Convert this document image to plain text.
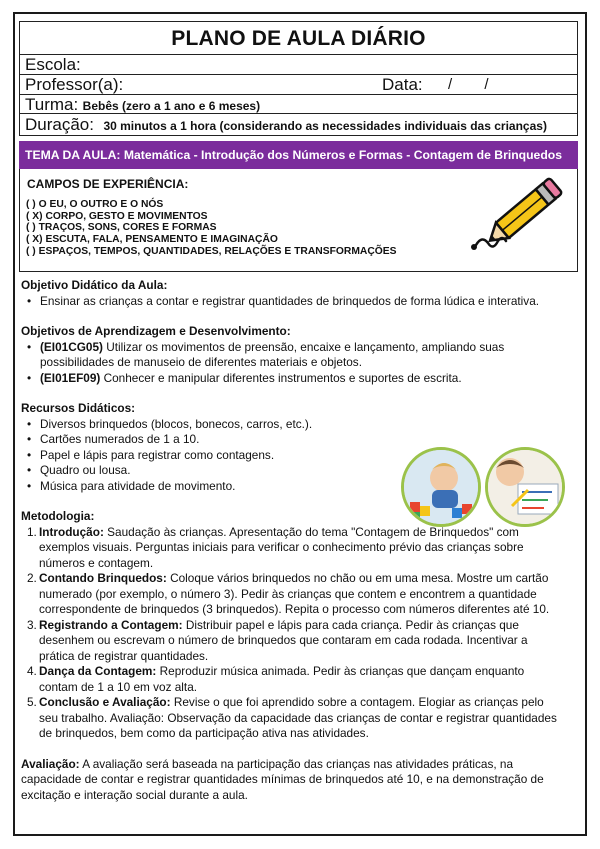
PLANO DE AULA DIÁRIO
Escola:
Professor(a):	Data: / /
Turma: Bebês (zero a 1 ano e 6 meses)
Duração: 30 minutos a 1 hora (considerando as necessidades individuais das crianças)
TEMA DA AULA: Matemática - Introdução dos Números e Formas - Contagem de Brinquedos
CAMPOS DE EXPERIÊNCIA:
( ) O EU, O OUTRO E O NÓS
( X) CORPO, GESTO E MOVIMENTOS
( ) TRAÇOS, SONS, CORES E FORMAS
( X) ESCUTA, FALA, PENSAMENTO E IMAGINAÇÃO
( ) ESPAÇOS, TEMPOS, QUANTIDADES, RELAÇÕES E TRANSFORMAÇÕES
Objetivo Didático da Aula:
• Ensinar as crianças a contar e registrar quantidades de brinquedos de forma lúdica e interativa.
Objetivos de Aprendizagem e Desenvolvimento:
• (EI01CG05) Utilizar os movimentos de preensão, encaixe e lançamento, ampliando suas possibilidades de manuseio de diferentes materiais e objetos.
• (EI01EF09) Conhecer e manipular diferentes instrumentos e suportes de escrita.
Recursos Didáticos:
• Diversos brinquedos (blocos, bonecos, carros, etc.).
• Cartões numerados de 1 a 10.
• Papel e lápis para registrar como contagens.
• Quadro ou lousa.
• Música para atividade de movimento.
Metodologia:
1. Introdução: Saudação às crianças. Apresentação do tema "Contagem de Brinquedos" com exemplos visuais. Perguntas iniciais para verificar o conhecimento prévio das crianças sobre números e contagem.
2. Contando Brinquedos: Coloque vários brinquedos no chão ou em uma mesa. Mostre um cartão numerado (por exemplo, o número 3). Pedir às crianças que contem e encontrem a quantidade correspondente de brinquedos (3 brinquedos). Repita o processo com números diferentes até 10.
3. Registrando a Contagem: Distribuir papel e lápis para cada criança. Pedir às crianças que desenhem ou escrevam o número de brinquedos que contaram em cada rodada. Incentivar a prática de registrar quantidades.
4. Dança da Contagem: Reproduzir música animada. Pedir às crianças que dançam enquanto contam de 1 a 10 em voz alta.
5. Conclusão e Avaliação: Revise o que foi aprendido sobre a contagem. Elogiar as crianças pelo seu trabalho. Avaliação: Observação da capacidade das crianças de contar e registrar quantidades de brinquedos, bem como da participação ativa nas atividades.

Avaliação: A avaliação será baseada na participação das crianças nas atividades práticas, na capacidade de contar e registrar quantidades mínimas de brinquedos até 10, e na demonstração de excitação e interação social durante a aula.
